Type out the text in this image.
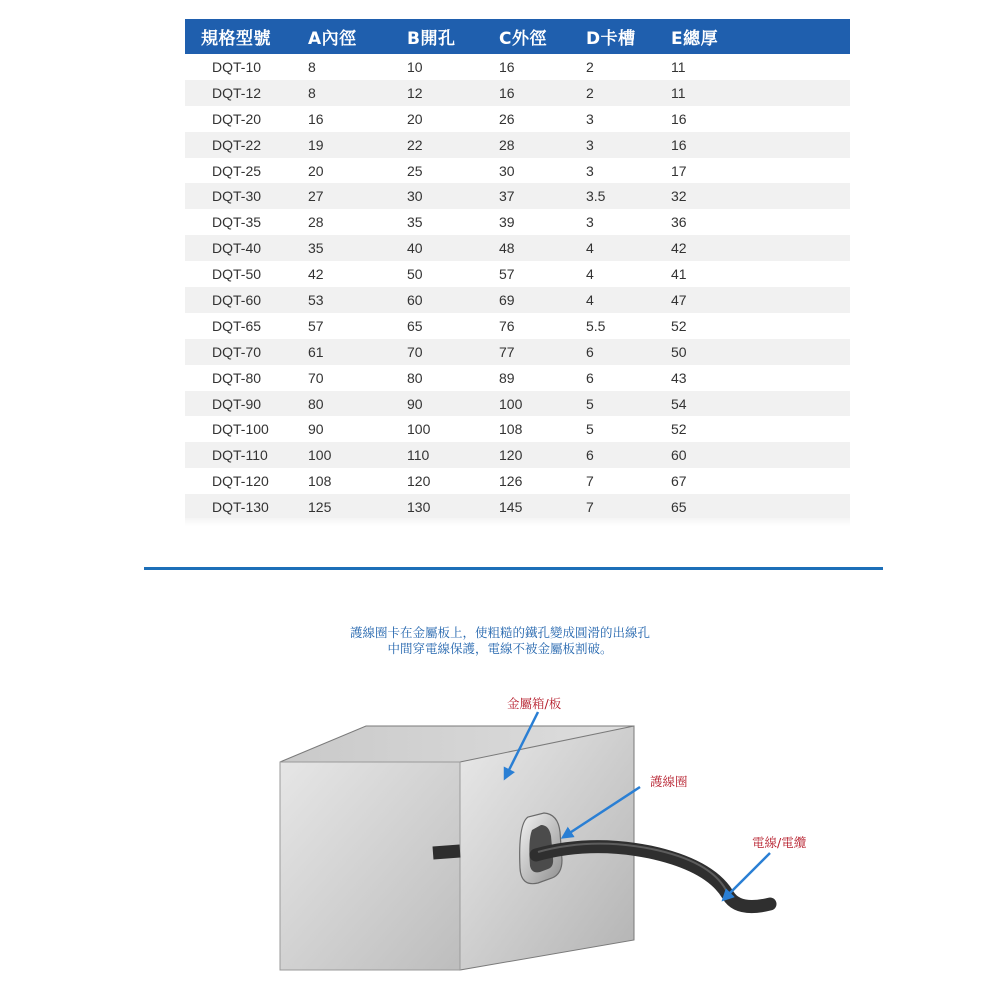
規格型號	A內徑	B開孔	C外徑	D卡槽	E總厚
DQT-10	8	10	16	2	11
DQT-12	8	12	16	2	11
DQT-20	16	20	26	3	16
DQT-22	19	22	28	3	16
DQT-25	20	25	30	3	17
DQT-30	27	30	37	3.5	32
DQT-35	28	35	39	3	36
DQT-40	35	40	48	4	42
DQT-50	42	50	57	4	41
DQT-60	53	60	69	4	47
DQT-65	57	65	76	5.5	52
DQT-70	61	70	77	6	50
DQT-80	70	80	89	6	43
DQT-90	80	90	100	5	54
DQT-100	90	100	108	5	52
DQT-110	100	110	120	6	60
DQT-120	108	120	126	7	67
DQT-130	125	130	145	7	65
護線圈卡在金屬板上，使粗糙的鐵孔變成圓滑的出線孔
中間穿電線保護，電線不被金屬板割破。
金屬箱/板
護線圈
電線/電纜
